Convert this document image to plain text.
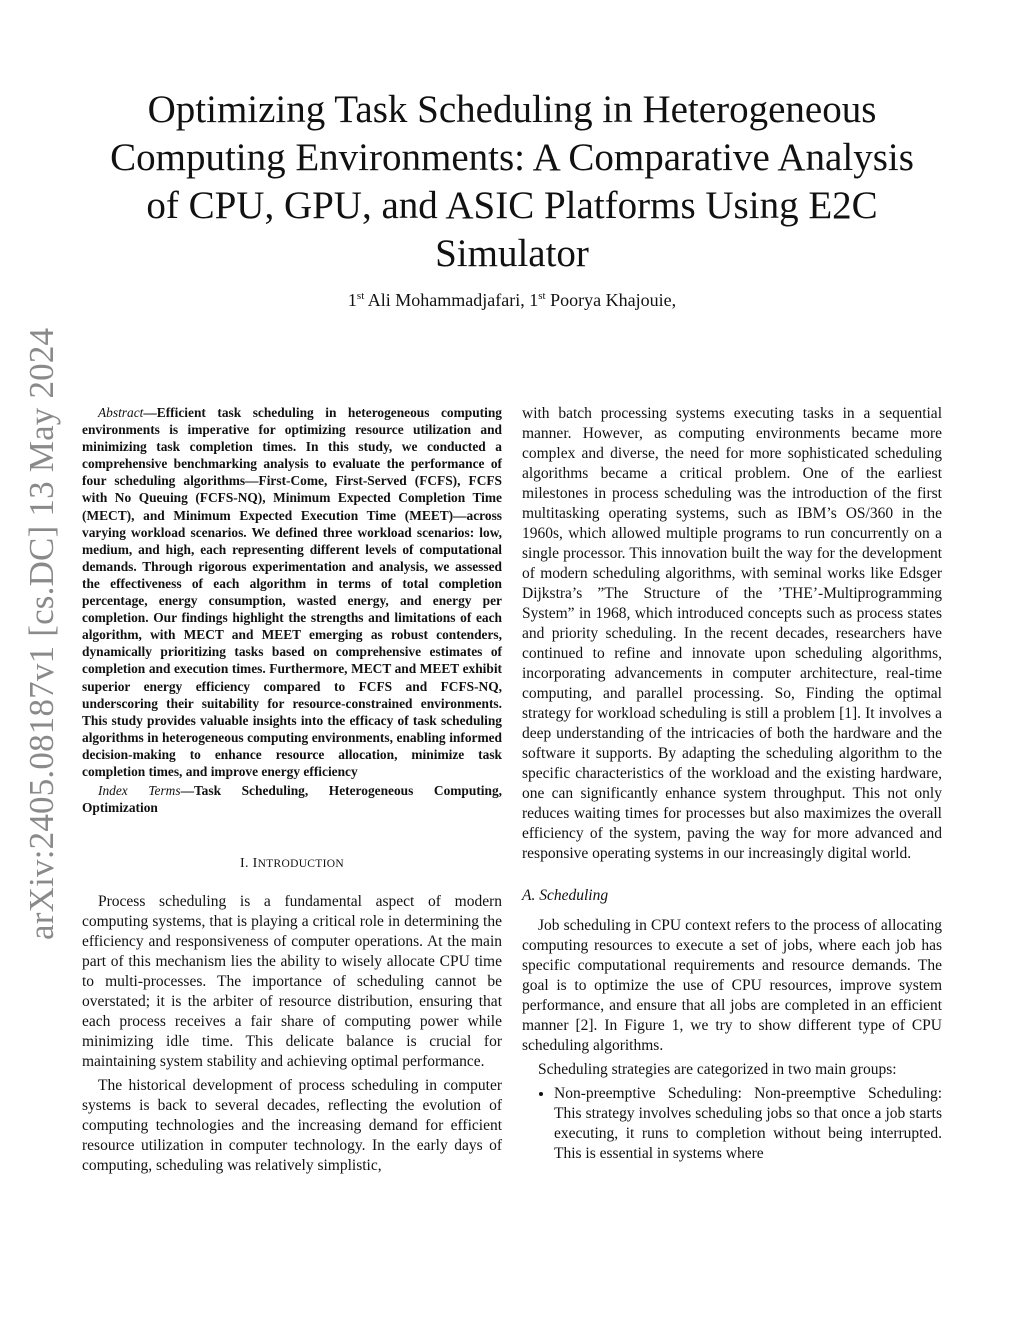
arXiv:2405.08187v1 [cs.DC] 13 May 2024
Optimizing Task Scheduling in Heterogeneous
Computing Environments: A Comparative Analysis
of CPU, GPU, and ASIC Platforms Using E2C
Simulator
1st Ali Mohammadjafari, 1st Poorya Khajouie,

Abstract—Efficient task scheduling in heterogeneous computing environments is imperative for optimizing resource utilization and minimizing task completion times. In this study, we conducted a comprehensive benchmarking analysis to evaluate the performance of four scheduling algorithms—First-Come, First-Served (FCFS), FCFS with No Queuing (FCFS-NQ), Minimum Expected Completion Time (MECT), and Minimum Expected Execution Time (MEET)—across varying workload scenarios. We defined three workload scenarios: low, medium, and high, each representing different levels of computational demands. Through rigorous experimentation and analysis, we assessed the effectiveness of each algorithm in terms of total completion percentage, energy consumption, wasted energy, and energy per completion. Our findings highlight the strengths and limitations of each algorithm, with MECT and MEET emerging as robust contenders, dynamically prioritizing tasks based on comprehensive estimates of completion and execution times. Furthermore, MECT and MEET exhibit superior energy efficiency compared to FCFS and FCFS-NQ, underscoring their suitability for resource-constrained environments. This study provides valuable insights into the efficacy of task scheduling algorithms in heterogeneous computing environments, enabling informed decision-making to enhance resource allocation, minimize task completion times, and improve energy efficiency

Index Terms—Task Scheduling, Heterogeneous Computing, Optimization

I. INTRODUCTION

Process scheduling is a fundamental aspect of modern computing systems, that is playing a critical role in determining the efficiency and responsiveness of computer operations. At the main part of this mechanism lies the ability to wisely allocate CPU time to multi-processes. The importance of scheduling cannot be overstated; it is the arbiter of resource distribution, ensuring that each process receives a fair share of computing power while minimizing idle time. This delicate balance is crucial for maintaining system stability and achieving optimal performance.

The historical development of process scheduling in computer systems is back to several decades, reflecting the evolution of computing technologies and the increasing demand for efficient resource utilization in computer technology. In the early days of computing, scheduling was relatively simplistic,

with batch processing systems executing tasks in a sequential manner. However, as computing environments became more complex and diverse, the need for more sophisticated scheduling algorithms became a critical problem. One of the earliest milestones in process scheduling was the introduction of the first multitasking operating systems, such as IBM’s OS/360 in the 1960s, which allowed multiple programs to run concurrently on a single processor. This innovation built the way for the development of modern scheduling algorithms, with seminal works like Edsger Dijkstra’s ”The Structure of the ’THE’-Multiprogramming System” in 1968, which introduced concepts such as process states and priority scheduling. In the recent decades, researchers have continued to refine and innovate upon scheduling algorithms, incorporating advancements in computer architecture, real-time computing, and parallel processing. So, Finding the optimal strategy for workload scheduling is still a problem [1]. It involves a deep understanding of the intricacies of both the hardware and the software it supports. By adapting the scheduling algorithm to the specific characteristics of the workload and the existing hardware, one can significantly enhance system throughput. This not only reduces waiting times for processes but also maximizes the overall efficiency of the system, paving the way for more advanced and responsive operating systems in our increasingly digital world.

A. Scheduling

Job scheduling in CPU context refers to the process of allocating computing resources to execute a set of jobs, where each job has specific computational requirements and resource demands. The goal is to optimize the use of CPU resources, improve system performance, and ensure that all jobs are completed in an efficient manner [2]. In Figure 1, we try to show different type of CPU scheduling algorithms.

Scheduling strategies are categorized in two main groups:

• Non-preemptive Scheduling: Non-preemptive Scheduling: This strategy involves scheduling jobs so that once a job starts executing, it runs to completion without being interrupted. This is essential in systems where
